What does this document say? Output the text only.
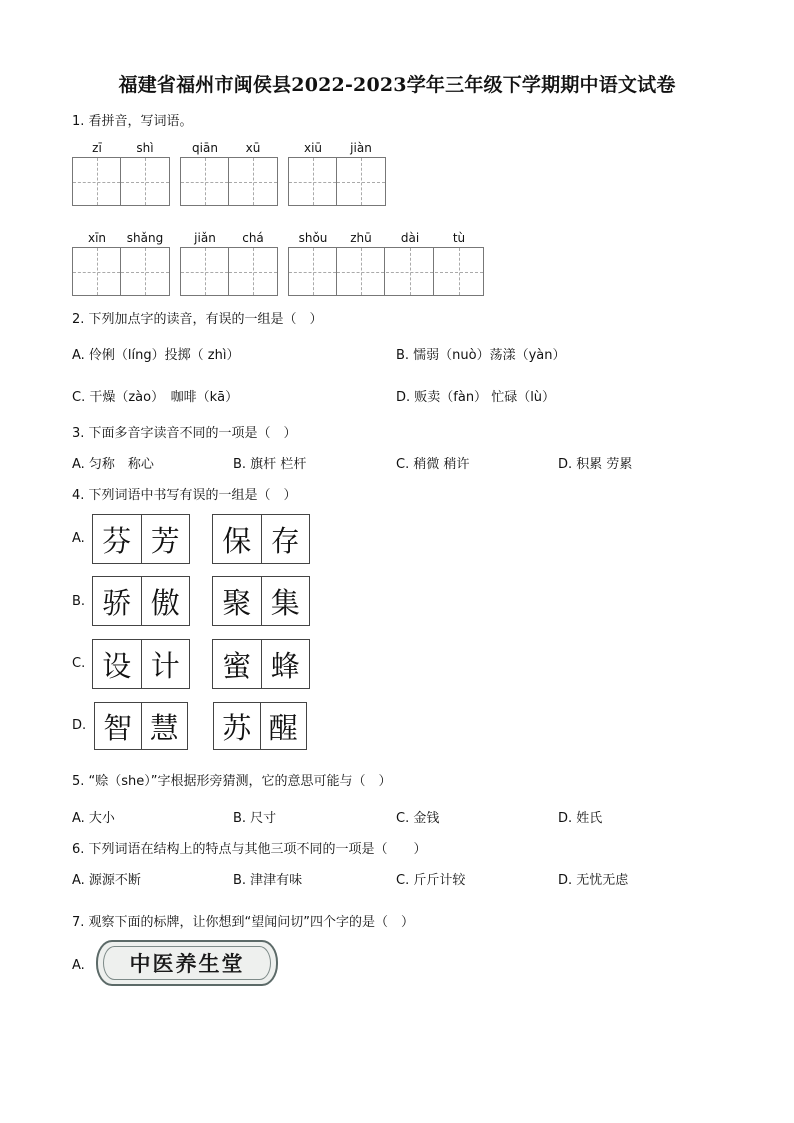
福建省福州市闽侯县2022-2023学年三年级下学期期中语文试卷
1. 看拼音，写词语。
zī	shì	qiān	xū	xiū	jiàn
xīn	shǎng	jiǎn	chá	shǒu	zhū	dài	tù
2. 下列加点字的读音，有误的一组是（　）
A. 伶俐（líng）投掷（ zhì）	B. 懦弱（nuò）荡漾（yàn）
C. 干燥（zào）　咖啡（kā）	D. 贩卖（fàn） 忙碌（lù）
3. 下面多音字读音不同的一项是（　）
A. 匀称　称心	B. 旗杆 栏杆	C. 稍微 稍许	D. 积累 劳累
4. 下列词语中书写有误的一组是（　）
A. 芬 芳	保 存
B. 骄 傲	聚 集
C. 设 计	蜜 蜂
D. 智 慧 苏 醒
5. “赊（she）”字根据形旁猜测，它的意思可能与（　）
A. 大小	B. 尺寸	C. 金钱	D. 姓氏
6. 下列词语在结构上的特点与其他三项不同的一项是（　　）
A. 源源不断	B. 津津有味	C. 斤斤计较	D. 无忧无虑
7. 观察下面的标牌，让你想到“望闻问切”四个字的是（　）
A. 中医养生堂
